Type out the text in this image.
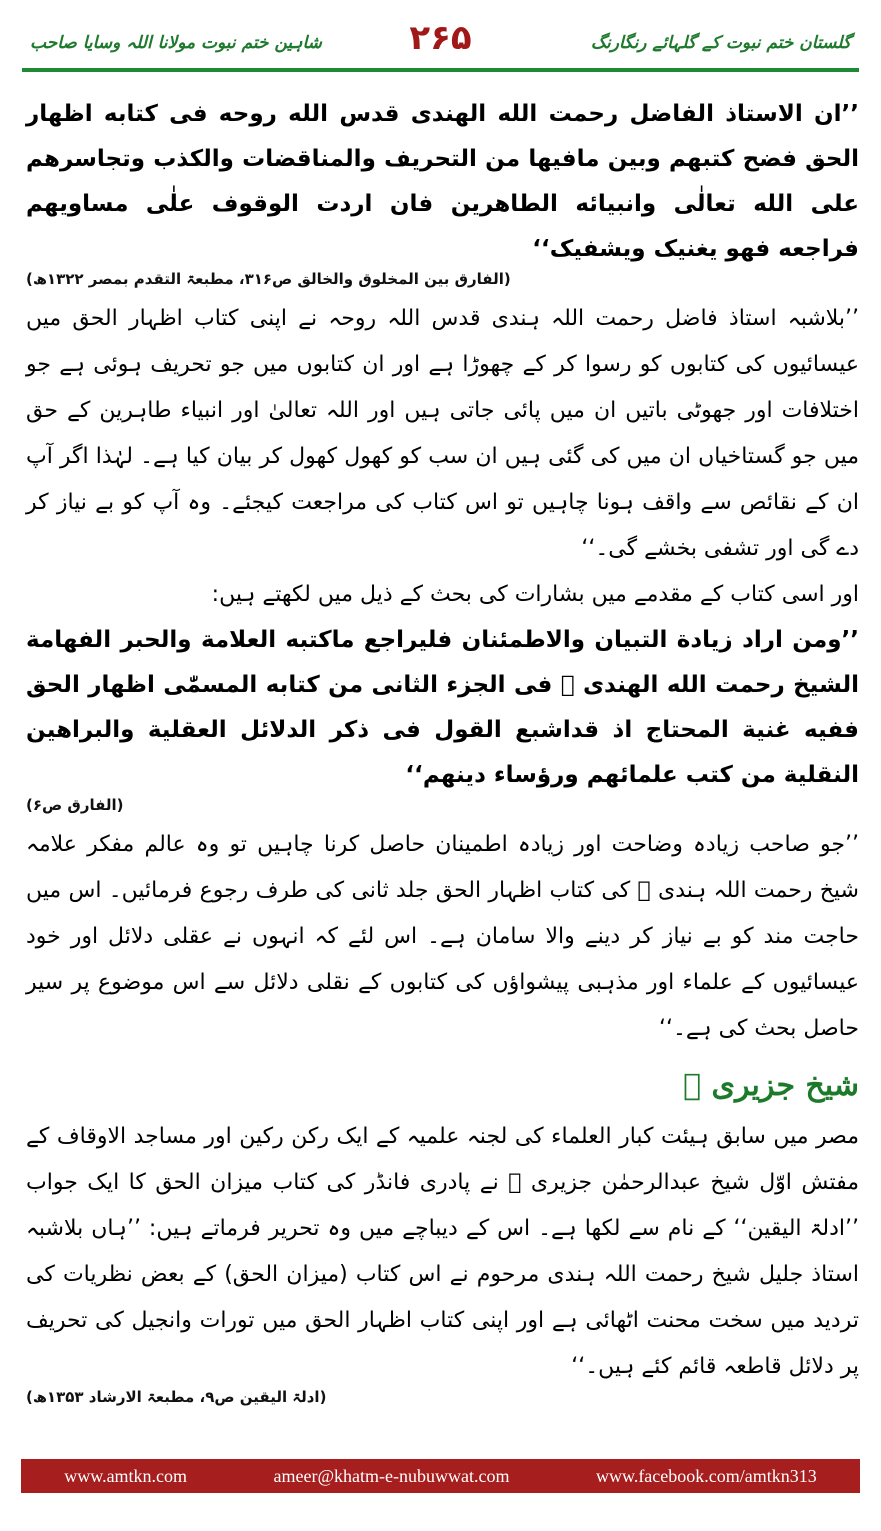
شاہین ختم نبوت مولانا اللہ وسایا صاحب	۲۶۵	گلستان ختم نبوت کے گلہائے رنگارنگ

’’ان الاستاذ الفاضل رحمت الله الهندی قدس الله روحه فی کتابه اظهار الحق فضح کتبهم وبین مافیها من التحریف والمناقضات والکذب وتجاسرهم علی الله تعالٰی وانبیائه الطاهرین فان اردت الوقوف علٰی مساویهم فراجعه فهو یغنیک ویشفیک‘‘

(الفارق بین المخلوق والخالق ص۳۱۶، مطبعۃ التقدم بمصر ۱۳۲۲ھ)

’’بلاشبہ استاذ فاضل رحمت اللہ ہندی قدس اللہ روحہ نے اپنی کتاب اظہار الحق میں عیسائیوں کی کتابوں کو رسوا کر کے چھوڑا ہے اور ان کتابوں میں جو تحریف ہوئی ہے جو اختلافات اور جھوٹی باتیں ان میں پائی جاتی ہیں اور اللہ تعالیٰ اور انبیاء طاہرین کے حق میں جو گستاخیاں ان میں کی گئی ہیں ان سب کو کھول کھول کر بیان کیا ہے۔ لہٰذا اگر آپ ان کے نقائص سے واقف ہونا چاہیں تو اس کتاب کی مراجعت کیجئے۔ وہ آپ کو بے نیاز کر دے گی اور تشفی بخشے گی۔‘‘

اور اسی کتاب کے مقدمے میں بشارات کی بحث کے ذیل میں لکھتے ہیں:

’’ومن اراد زیادة التبیان والاطمئنان فلیراجع ماکتبه العلامة والحبر الفهامة الشیخ رحمت الله الهندی ﷫ فی الجزء الثانی من کتابه المسمّٰی اظهار الحق ففیه غنیة المحتاج اذ قداشبع القول فی ذکر الدلائل العقلیة والبراهین النقلیة من کتب علمائهم ورؤساء دینهم‘‘

(الفارق ص۶)

’’جو صاحب زیادہ وضاحت اور زیادہ اطمینان حاصل کرنا چاہیں تو وہ عالم مفکر علامہ شیخ رحمت اللہ ہندی ﷫ کی کتاب اظہار الحق جلد ثانی کی طرف رجوع فرمائیں۔ اس میں حاجت مند کو بے نیاز کر دینے والا سامان ہے۔ اس لئے کہ انہوں نے عقلی دلائل اور خود عیسائیوں کے علماء اور مذہبی پیشواؤں کی کتابوں کے نقلی دلائل سے اس موضوع پر سیر حاصل بحث کی ہے۔‘‘

شیخ جزیری ﷫

مصر میں سابق ہیئت کبار العلماء کی لجنہ علمیہ کے ایک رکن رکین اور مساجد الاوقاف کے مفتش اوّل شیخ عبدالرحمٰن جزیری ﷫ نے پادری فانڈر کی کتاب میزان الحق کا ایک جواب ’’ادلۃ الیقین‘‘ کے نام سے لکھا ہے۔ اس کے دیباچے میں وہ تحریر فرماتے ہیں: ’’ہاں بلاشبہ استاذ جلیل شیخ رحمت اللہ ہندی مرحوم نے اس کتاب (میزان الحق) کے بعض نظریات کی تردید میں سخت محنت اٹھائی ہے اور اپنی کتاب اظہار الحق میں تورات وانجیل کی تحریف پر دلائل قاطعہ قائم کئے ہیں۔‘‘

(ادلۃ الیقین ص۹، مطبعۃ الارشاد ۱۳۵۳ھ)
www.amtkn.com	ameer@khatm-e-nubuwwat.com	www.facebook.com/amtkn313
